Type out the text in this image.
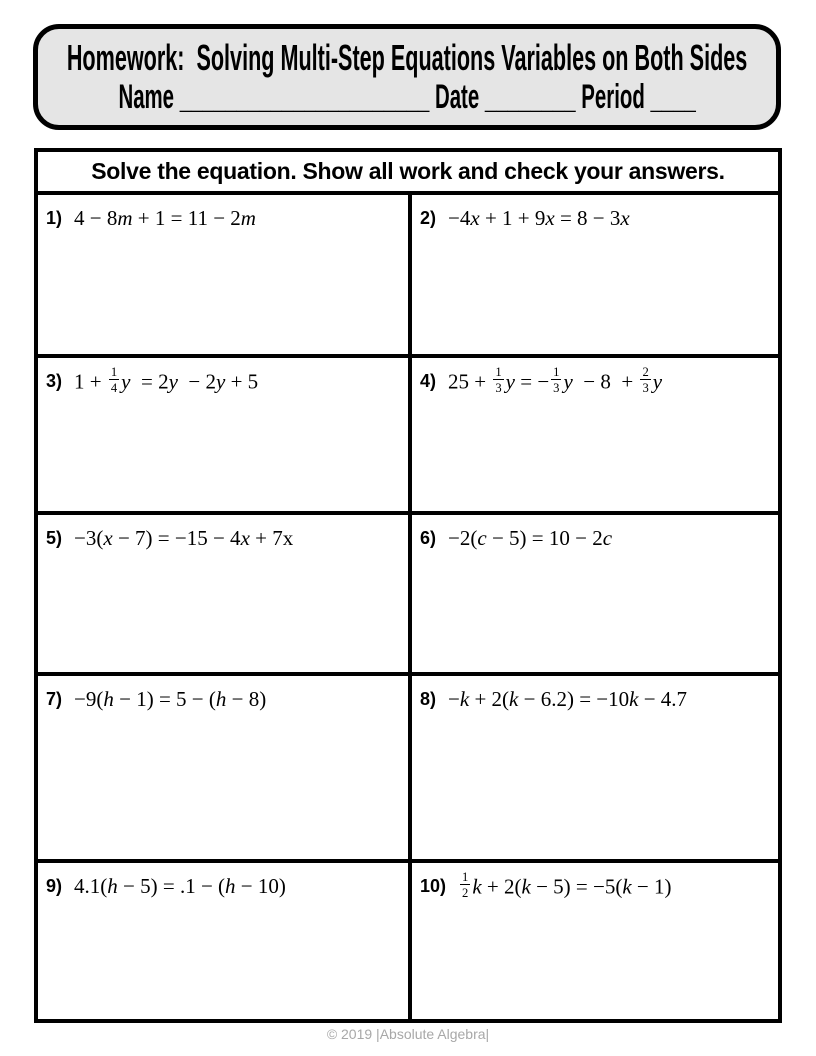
Homework:  Solving Multi-Step Equations Variables on Both Sides
Name ______________________ Date ________ Period ____
Solve the equation. Show all work and check your answers.
1) 4 − 8m + 1 = 11 − 2m	2) −4x + 1 + 9x = 8 − 3x
3) $1 + \frac{1}{4}$ y  = 2y  − 2y + 5	4) $25 + \frac{1}{3}$ y = − $\frac{1}{3}$ $y - 8 + \frac{2}{3}$ y
5) −3(x − 7) = −15 − 4x + 7x	6) −2(c − 5) = 10 − 2c
7) −9(h − 1) = 5 − (h − 8)	8) −k + 2(k − 6.2) = −10k − 4.7
9) 4.1(h − 5) = .1 − (h − 10)	$10) \frac{1}{2}$ k + 2(k − 5) = −5(k − 1)
© 2019 |Absolute Algebra|
